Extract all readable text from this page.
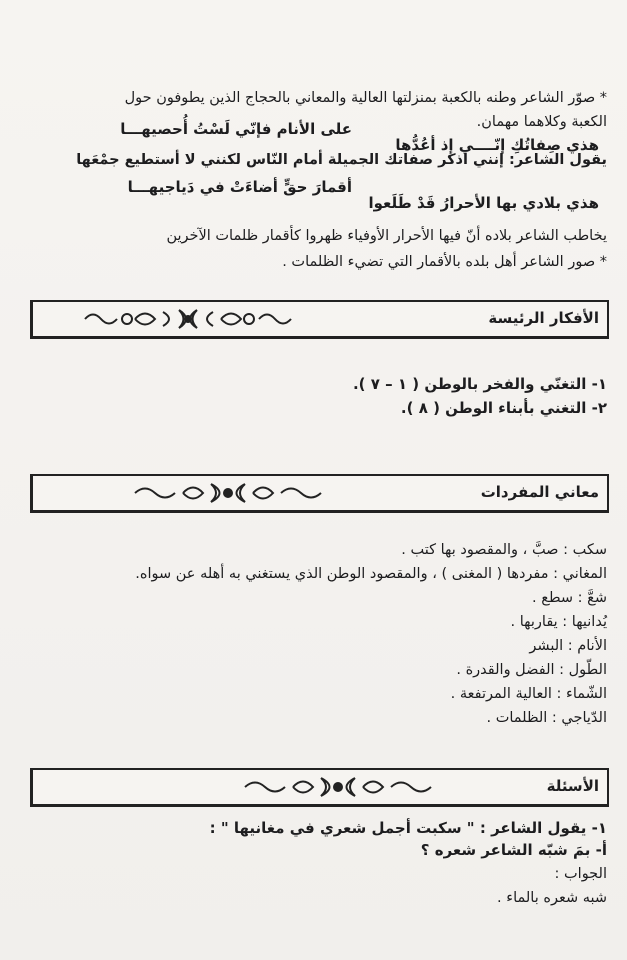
* صوّر الشاعر وطنه بالكعبة بمنزلتها العالية والمعاني بالحجاج الذين يطوفون حول
الكعبة وكلاهما مهمان.
على الأنام فإنّي لَسْتُ أُحصيهـــا
هذي صِفاتُكِ إنّــــي إذ أعُدُّها
يقول الشاعر: إنني اذكر صفاتك الجميلة أمام النّاس لكنني لا أستطيع جمْعَها
أقمارَ حقٍّ أضاءَتْ في دَياجيهـــا
هذي بلادي بها الأحرارُ قَدْ طَلَعوا
يخاطب الشاعر بلاده أنّ فيها الأحرار الأوفياء ظهروا كأقمار ظلمات الآخرين
* صور الشاعر أهل بلده بالأقمار التي تضيء الظلمات .
الأفكار الرئيسة
١- التغنّي والفخر بالوطن ( ١ – ٧ ).
٢- التغني بأبناء الوطن ( ٨ ).
معاني المفردات
سكب : صبَّ ، والمقصود بها كتب .
المغاني : مفردها ( المغنى ) ، والمقصود الوطن الذي يستغني به أهله عن سواه.
شعَّ : سطع .
يُدانيها : يقاربها .
الأنام : البشر
الطّول : الفضل والقدرة .
الشّماء : العالية المرتفعة .
الدّياجي : الظلمات .
الأسئلة
١- يقول الشاعر : " سكبت أجمل شعري في مغانيها " :
أ- بمَ شبّه الشاعر شعره ؟
الجواب :
شبه شعره بالماء .
